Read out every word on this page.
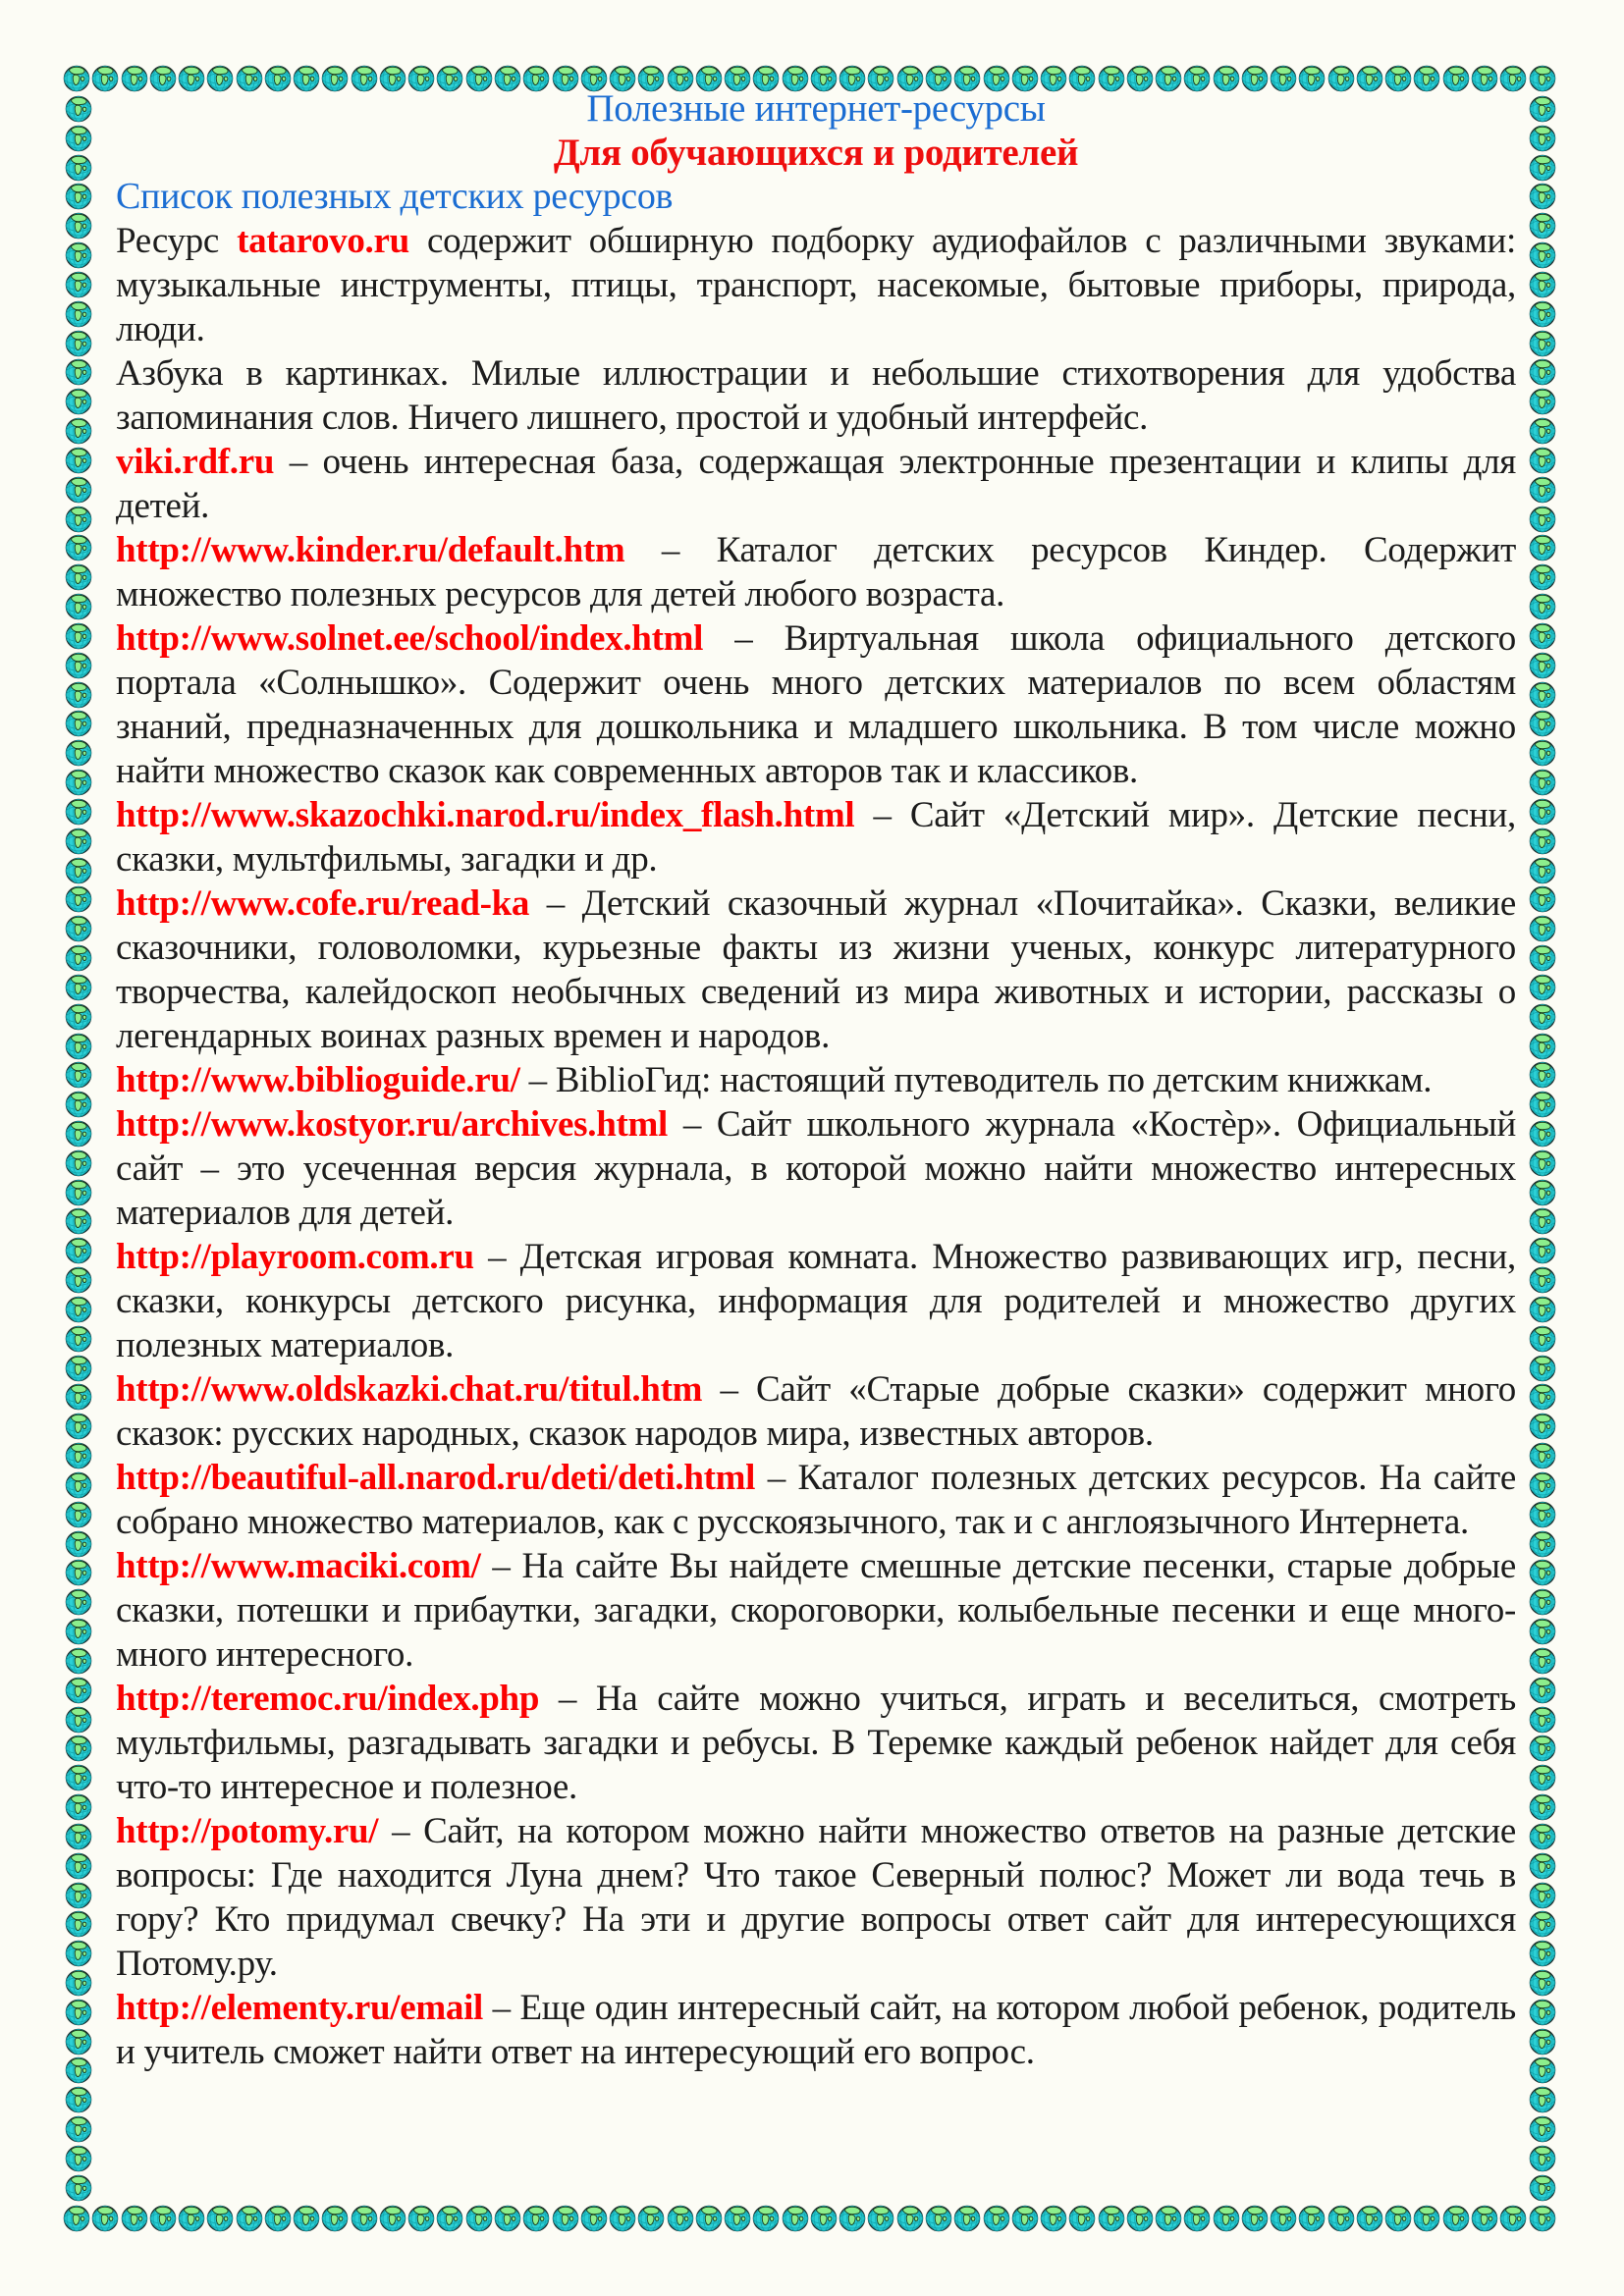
Полезные интернет-ресурсы
Для обучающихся и родителей
Список полезных детских ресурсов

Ресурс tatarovo.ru содержит обширную подборку аудиофайлов с различными звуками: музыкальные инструменты, птицы, транспорт, насекомые, бытовые приборы, природа, люди.

Азбука в картинках. Милые иллюстрации и небольшие стихотворения для удобства запоминания слов. Ничего лишнего, простой и удобный интерфейс.

viki.rdf.ru – очень интересная база, содержащая электронные презентации и клипы для детей.

http://www.kinder.ru/default.htm – Каталог детских ресурсов Киндер. Содержит множество полезных ресурсов для детей любого возраста.

http://www.solnet.ee/school/index.html – Виртуальная школа официального детского портала «Солнышко». Содержит очень много детских материалов по всем областям знаний, предназначенных для дошкольника и младшего школьника. В том числе можно найти множество сказок как современных авторов так и классиков.

http://www.skazochki.narod.ru/index_flash.html – Сайт «Детский мир». Детские песни, сказки, мультфильмы, загадки и др.

http://www.cofe.ru/read-ka – Детский сказочный журнал «Почитайка». Сказки, великие сказочники, головоломки, курьезные факты из жизни ученых, конкурс литературного творчества, калейдоскоп необычных сведений из мира животных и истории, рассказы о легендарных воинах разных времен и народов.

http://www.biblioguide.ru/ – BiblioГид: настоящий путеводитель по детским книжкам.

http://www.kostyor.ru/archives.html – Сайт школьного журнала «Костѐр». Официальный сайт – это усеченная версия журнала, в которой можно найти множество интересных материалов для детей.

http://playroom.com.ru – Детская игровая комната. Множество развивающих игр, песни, сказки, конкурсы детского рисунка, информация для родителей и множество других полезных материалов.

http://www.oldskazki.chat.ru/titul.htm – Сайт «Старые добрые сказки» содержит много сказок: русских народных, сказок народов мира, известных авторов.

http://beautiful-all.narod.ru/deti/deti.html – Каталог полезных детских ресурсов. На сайте собрано множество материалов, как с русскоязычного, так и с англоязычного Интернета.

http://www.maciki.com/ – На сайте Вы найдете смешные детские песенки, старые добрые сказки, потешки и прибаутки, загадки, скороговорки, колыбельные песенки и еще много-много интересного.

http://teremoc.ru/index.php – На сайте можно учиться, играть и веселиться, смотреть мультфильмы, разгадывать загадки и ребусы. В Теремке каждый ребенок найдет для себя что-то интересное и полезное.

http://potomy.ru/ – Сайт, на котором можно найти множество ответов на разные детские вопросы: Где находится Луна днем? Что такое Северный полюс? Может ли вода течь в гору? Кто придумал свечку? На эти и другие вопросы ответ сайт для интересующихся Потому.ру.

http://elementy.ru/email – Еще один интересный сайт, на котором любой ребенок, родитель и учитель сможет найти ответ на интересующий его вопрос.
